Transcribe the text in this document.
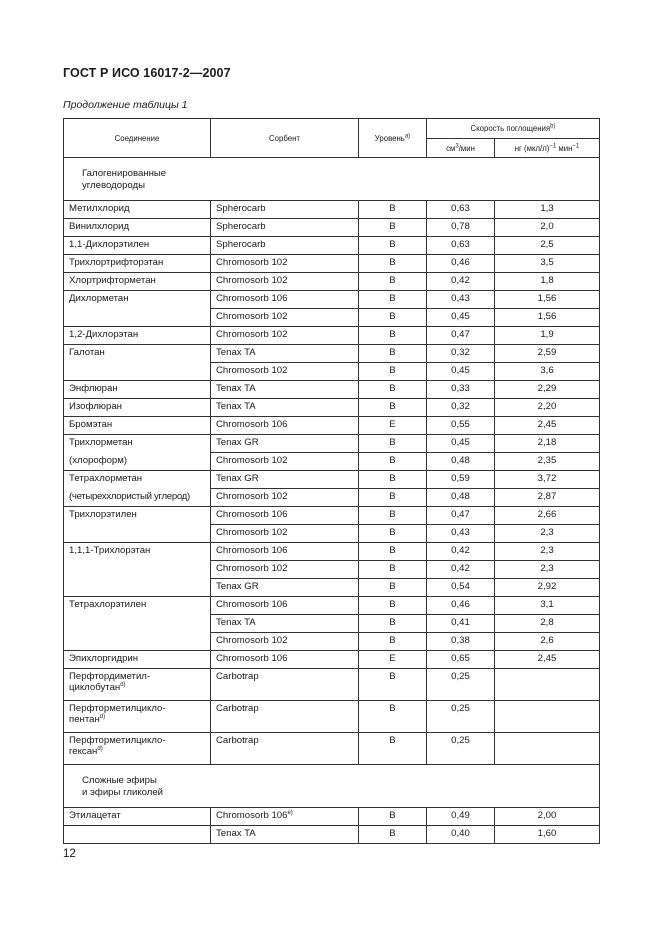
ГОСТ Р ИСО 16017-2—2007
Продолжение таблицы 1
Соединение	Сорбент	Уровень$^{а)}$	Скорость поглощения$^{b)}$
			$см^3$/мин	нг $(мкл/л)^{-1}$ мин$^{-1}$
Галогенированные
углеводороды				
Метилхлорид	Spherocarb	B	0,63	1,3
Винилхлорид	Spherocarb	B	0,78	2,0
1,1-Дихлорэтилен	Spherocarb	B	0,63	2,5
Трихлортрифторэтан	Chromosorb 102	B	0,46	3,5
Хлортрифторметан	Chromosorb 102	B	0,42	1,8
Дихлорметан	Chromosorb 106	B	0,43	1,56
	Chromosorb 102	B	0,45	1,56
1,2-Дихлорэтан	Chromosorb 102	B	0,47	1,9
Галотан	Tenax TA	B	0,32	2,59
	Chromosorb 102	B	0,45	3,6
Энфлюран	Tenax TA	B	0,33	2,29
Изофлюран	Tenax TA	B	0,32	2,20
Бромэтан	Chromosorb 106	E	0,55	2,45
Трихлорметан	Tenax GR	B	0,45	2,18
(хлороформ)	Chromosorb 102	B	0,48	2,35
Тетрахлорметан	Tenax GR	B	0,59	3,72
(четыреххлористый углерод)	Chromosorb 102	B	0,48	2,87
Трихлорэтилен	Chromosorb 106	B	0,47	2,66
	Chromosorb 102	B	0,43	2,3
1,1,1-Трихлорэтан	Chromosorb 106	B	0,42	2,3
	Chromosorb 102	B	0,42	2,3
	Tenax GR	B	0,54	2,92
Тетрахлорэтилен	Chromosorb 106	B	0,46	3,1
	Tenax TA	B	0,41	2,8
	Chromosorb 102	B	0,38	2,6
Эпихлоргидрин	Chromosorb 106	E	0,65	2,45
Перфтордиметил-
циклобутан$^{d)}$	Carbotrap	B	0,25	
Перфторметилцикло-
пентан$^{d)}$	Carbotrap	B	0,25	
Перфторметилцикло-
гексан$^{d)}$	Carbotrap	B	0,25	
Сложные эфиры
и эфиры гликолей				
Этилацетат	Chromosorb $106^{е)}$	B	0,49	2,00
	Tenax TA	B	0,40	1,60
12
